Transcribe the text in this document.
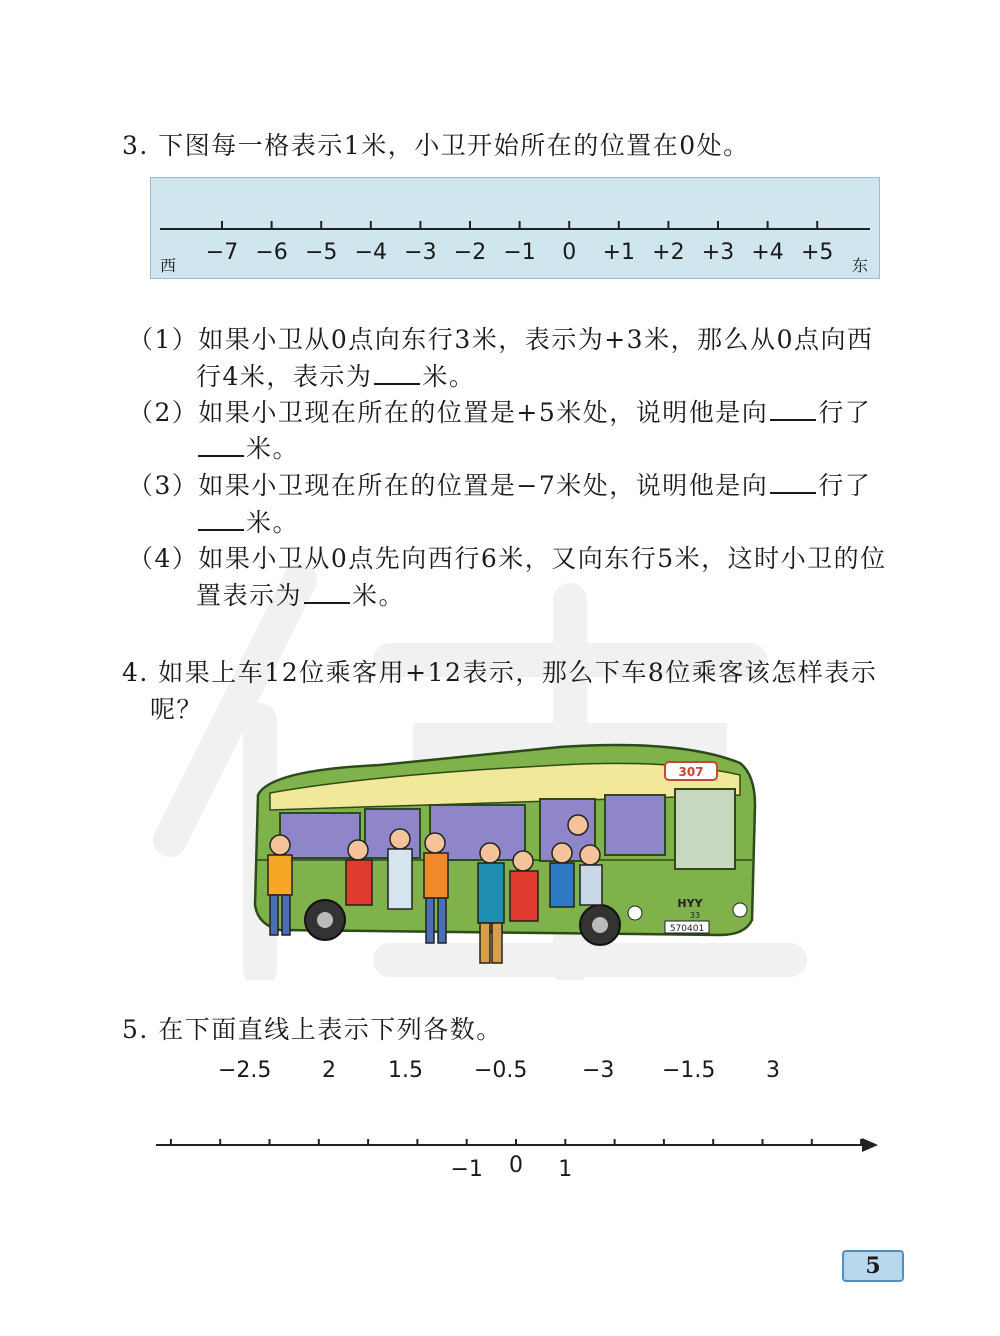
3. 下图每一格表示1米，小卫开始所在的位置在0处。
西	东
−7 −6 −5 −4 −3 −2 −1	0	+1 +2 +3 +4 +5
（1）如果小卫从0点向东行3米，表示为+3米，那么从0点向西
行4米，表示为 米。
（2）如果小卫现在所在的位置是+5米处，说明他是向 行了
米。
（3）如果小卫现在所在的位置是−7米处，说明他是向 行了
米。
（4）如果小卫从0点先向西行6米，又向东行5米，这时小卫的位
置表示为 米。
4. 如果上车12位乘客用+12表示，那么下车8位乘客该怎样表示
呢？
307
HYY
33
570401
5. 在下面直线上表示下列各数。
−2.5 2 1.5 −0.5 −3 −1.5 3
−1	0	1
5
